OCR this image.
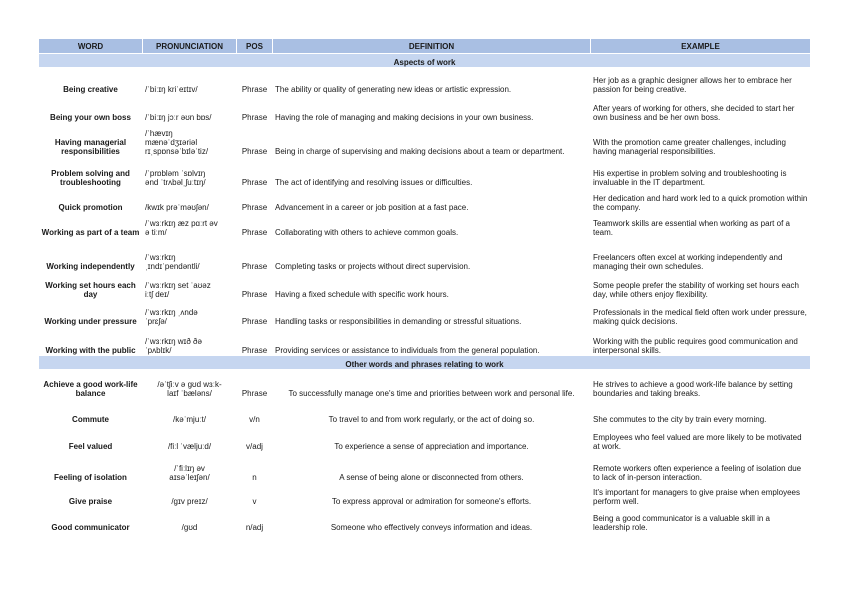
WORD	PRONUNCIATION	POS	DEFINITION	EXAMPLE
Aspects of work				
Being creative	/ˈbiːɪŋ kriˈeɪtɪv/	Phrase	The ability or quality of generating new ideas or artistic expression.	Her job as a graphic designer allows her to embrace her passion for being creative.
Being your own boss	/ˈbiːɪŋ jɔːr əʊn bɒs/	Phrase	Having the role of managing and making decisions in your own business.	After years of working for others, she decided to start her own business and be her own boss.
Having managerial responsibilities	/ˈhævɪŋ
mænəˈdʒɪəriəl
rɪˌspɒnsəˈbɪləˈtiz/	Phrase	Being in charge of supervising and making decisions about a team or department.	With the promotion came greater challenges, including having managerial responsibilities.
Problem solving and troubleshooting	/ˈprɒbləm ˈsɒlvɪŋ
ənd ˈtrʌbəlˌʃuːtɪŋ/	Phrase	The act of identifying and resolving issues or difficulties.	His expertise in problem solving and troubleshooting is invaluable in the IT department.
Quick promotion	/kwɪk prəˈməʊʃən/	Phrase	Advancement in a career or job position at a fast pace.	Her dedication and hard work led to a quick promotion within the company.
Working as part of a team	/ˈwɜːrkɪŋ æz pɑːrt əv
ə tiːm/	Phrase	Collaborating with others to achieve common goals.	Teamwork skills are essential when working as part of a team.
Working independently	/ˈwɜːrkɪŋ
ˌɪndɪˈpendəntli/	Phrase	Completing tasks or projects without direct supervision.	Freelancers often excel at working independently and managing their own schedules.
Working set hours each day	/ˈwɜːrkɪŋ set ˈaʊəz
iːtʃ deɪ/	Phrase	Having a fixed schedule with specific work hours.	Some people prefer the stability of working set hours each day, while others enjoy flexibility.
Working under pressure	/ˈwɜːrkɪŋ ˌʌndə
ˈprɛʃə/	Phrase	Handling tasks or responsibilities in demanding or stressful situations.	Professionals in the medical field often work under pressure, making quick decisions.
Working with the public	/ˈwɜːrkɪŋ wɪð ðə
ˈpʌblɪk/	Phrase	Providing services or assistance to individuals from the general population.	Working with the public requires good communication and interpersonal skills.
Other words and phrases relating to work				
Achieve a good work-life balance	/əˈtʃiːv ə ɡʊd wɜːk-
laɪf ˈbæləns/	Phrase	To successfully manage one's time and priorities between work and personal life.	He strives to achieve a good work-life balance by setting boundaries and taking breaks.
Commute	/kəˈmjuːt/	v/n	To travel to and from work regularly, or the act of doing so.	She commutes to the city by train every morning.
Feel valued	/fiːl ˈvæljuːd/	v/adj	To experience a sense of appreciation and importance.	Employees who feel valued are more likely to be motivated at work.
Feeling of isolation	/ˈfiːlɪŋ əv
aɪsəˈleɪʃən/	n	A sense of being alone or disconnected from others.	Remote workers often experience a feeling of isolation due to lack of in-person interaction.
Give praise	/ɡɪv preɪz/	v	To express approval or admiration for someone's efforts.	It's important for managers to give praise when employees perform well.
Good communicator	/ɡʊd	n/adj	Someone who effectively conveys information and ideas.	Being a good communicator is a valuable skill in a leadership role.
